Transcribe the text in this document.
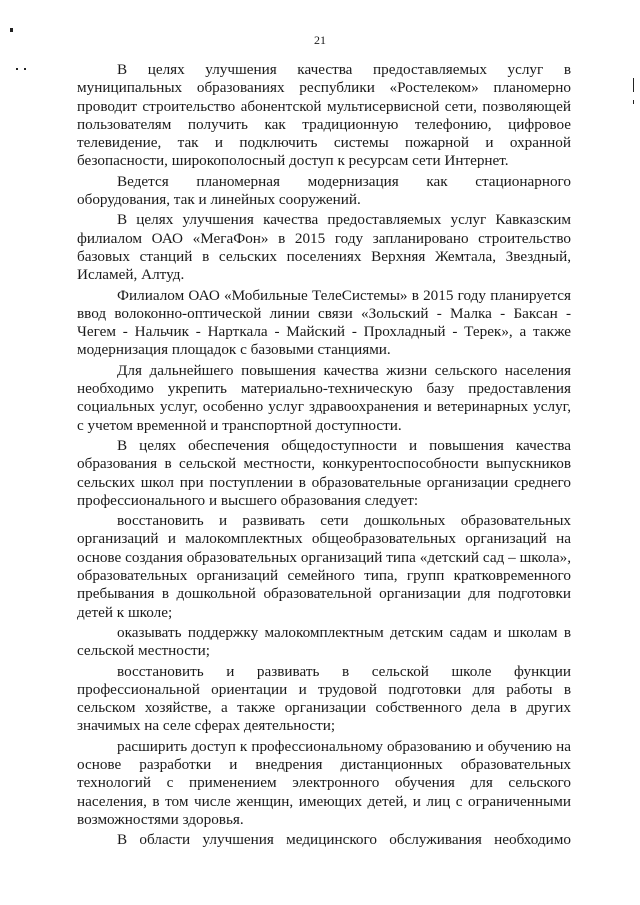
21

В целях улучшения качества предоставляемых услуг в муниципальных образованиях республики «Ростелеком» планомерно проводит строительство абонентской мультисервисной сети, позволяющей пользователям получить как традиционную телефонию, цифровое телевидение, так и подключить системы пожарной и охранной безопасности, широкополосный доступ к ресурсам сети Интернет.

Ведется планомерная модернизация как стационарного оборудования, так и линейных сооружений.

В целях улучшения качества предоставляемых услуг Кавказским филиалом ОАО «МегаФон» в 2015 году запланировано строительство базовых станций в сельских поселениях Верхняя Жемтала, Звездный, Исламей, Алтуд.

Филиалом ОАО «Мобильные ТелеСистемы» в 2015 году планируется ввод волоконно-оптической линии связи «Зольский - Малка - Баксан - Чегем - Нальчик - Нарткала - Майский - Прохладный - Терек», а также модернизация площадок с базовыми станциями.

Для дальнейшего повышения качества жизни сельского населения необходимо укрепить материально-техническую базу предоставления социальных услуг, особенно услуг здравоохранения и ветеринарных услуг, с учетом временной и транспортной доступности.

В целях обеспечения общедоступности и повышения качества образования в сельской местности, конкурентоспособности выпускников сельских школ при поступлении в образовательные организации среднего профессионального и высшего образования следует:

восстановить и развивать сети дошкольных образовательных организаций и малокомплектных общеобразовательных организаций на основе создания образовательных организаций типа «детский сад – школа», образовательных организаций семейного типа, групп кратковременного пребывания в дошкольной образовательной организации для подготовки детей к школе;

оказывать поддержку малокомплектным детским садам и школам в сельской местности;

восстановить и развивать в сельской школе функции профессиональной ориентации и трудовой подготовки для работы в сельском хозяйстве, а также организации собственного дела в других значимых на селе сферах деятельности;

расширить доступ к профессиональному образованию и обучению на основе разработки и внедрения дистанционных образовательных технологий с применением электронного обучения для сельского населения, в том числе женщин, имеющих детей, и лиц с ограниченными возможностями здоровья.

В области улучшения медицинского обслуживания необходимо
